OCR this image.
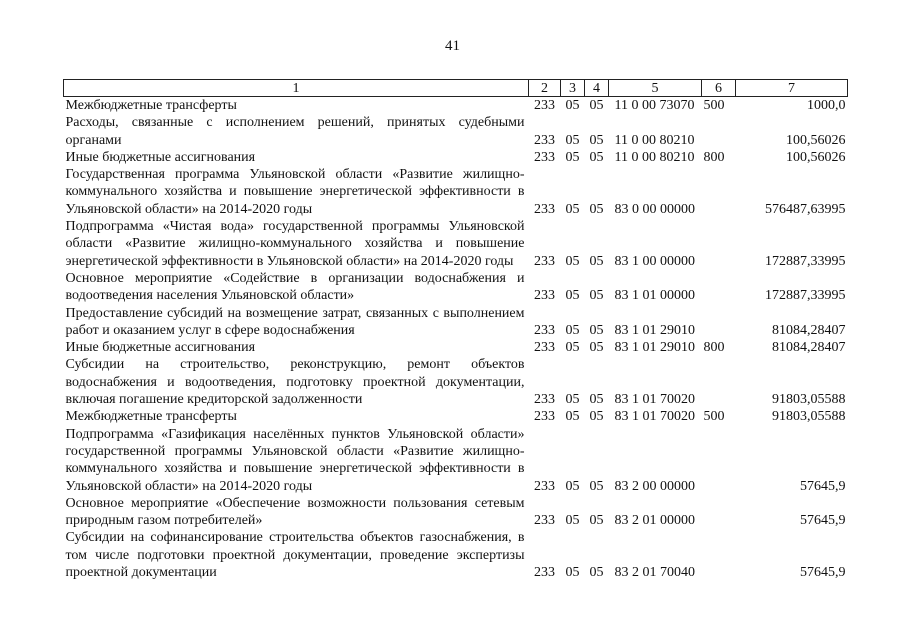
41
1	2	3	4	5	6	7
Межбюджетные трансферты	233	05	05	11 0 00 73070	500	1000,0
Расходы, связанные с исполнением решений, принятых судебными органами	233	05	05	11 0 00 80210		100,56026
Иные бюджетные ассигнования	233	05	05	11 0 00 80210	800	100,56026
Государственная программа Ульяновской области «Развитие жилищно-коммунального хозяйства и повышение энергетической эффективности в Ульяновской области» на 2014-2020 годы	233	05	05	83 0 00 00000		576487,63995
Подпрограмма «Чистая вода» государственной программы Ульяновской области «Развитие жилищно-коммунального хозяйства и повышение энергетической эффективности в Ульяновской области» на 2014-2020 годы	233	05	05	83 1 00 00000		172887,33995
Основное мероприятие «Содействие в организации водоснабжения и водоотведения населения Ульяновской области»	233	05	05	83 1 01 00000		172887,33995
Предоставление субсидий на возмещение затрат, связанных с выполнением работ и оказанием услуг в сфере водоснабжения	233	05	05	83 1 01 29010		81084,28407
Иные бюджетные ассигнования	233	05	05	83 1 01 29010	800	81084,28407
Субсидии на строительство, реконструкцию, ремонт объектов водоснабжения и водоотведения, подготовку проектной документации, включая погашение кредиторской задолженности	233	05	05	83 1 01 70020		91803,05588
Межбюджетные трансферты	233	05	05	83 1 01 70020	500	91803,05588
Подпрограмма «Газификация населённых пунктов Ульяновской области» государственной программы Ульяновской области «Развитие жилищно-коммунального хозяйства и повышение энергетической эффективности в Ульяновской области» на 2014-2020 годы	233	05	05	83 2 00 00000		57645,9
Основное мероприятие «Обеспечение возможности пользования сетевым природным газом потребителей»	233	05	05	83 2 01 00000		57645,9
Субсидии на софинансирование строительства объектов газоснабжения, в том числе подготовки проектной документации, проведение экспертизы проектной документации	233	05	05	83 2 01 70040		57645,9
